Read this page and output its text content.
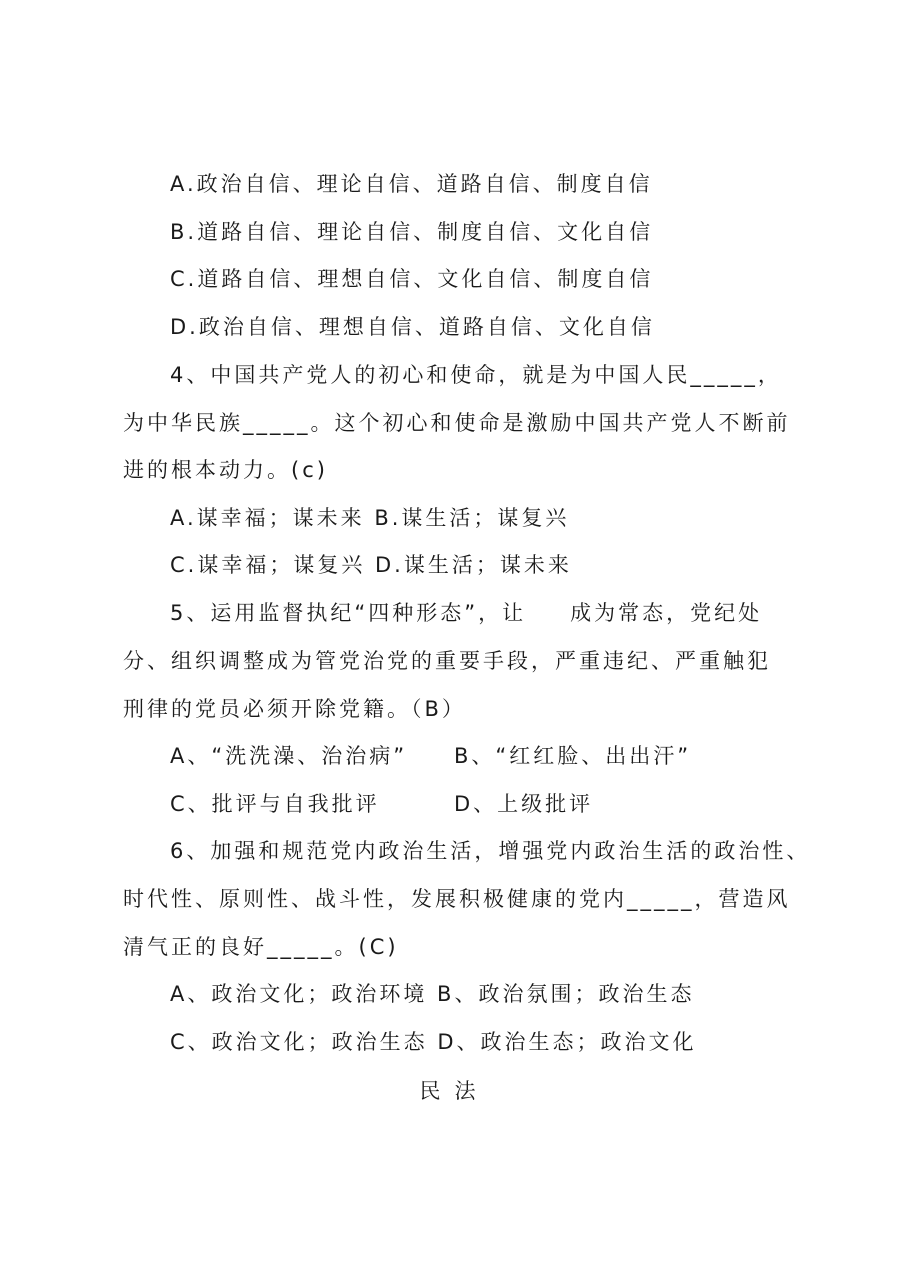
A.政治自信、理论自信、道路自信、制度自信
B.道路自信、理论自信、制度自信、文化自信
C.道路自信、理想自信、文化自信、制度自信
D.政治自信、理想自信、道路自信、文化自信
4、中国共产党人的初心和使命，就是为中国人民_____，
为中华民族_____。这个初心和使命是激励中国共产党人不断前
进的根本动力。(c)
A.谋幸福；谋未来 B.谋生活；谋复兴
C.谋幸福；谋复兴 D.谋生活；谋未来
5、运用监督执纪“四种形态”，让 成为常态，党纪处
分、组织调整成为管党治党的重要手段，严重违纪、严重触犯
刑律的党员必须开除党籍。（B）
A、“洗洗澡、治治病” B、“红红脸、出出汗”
C、批评与自我批评	D、上级批评
6、加强和规范党内政治生活，增强党内政治生活的政治性、
时代性、原则性、战斗性，发展积极健康的党内_____，营造风
清气正的良好_____。(C)
A、政治文化；政治环境 B、政治氛围；政治生态
C、政治文化；政治生态 D、政治生态；政治文化
民法
